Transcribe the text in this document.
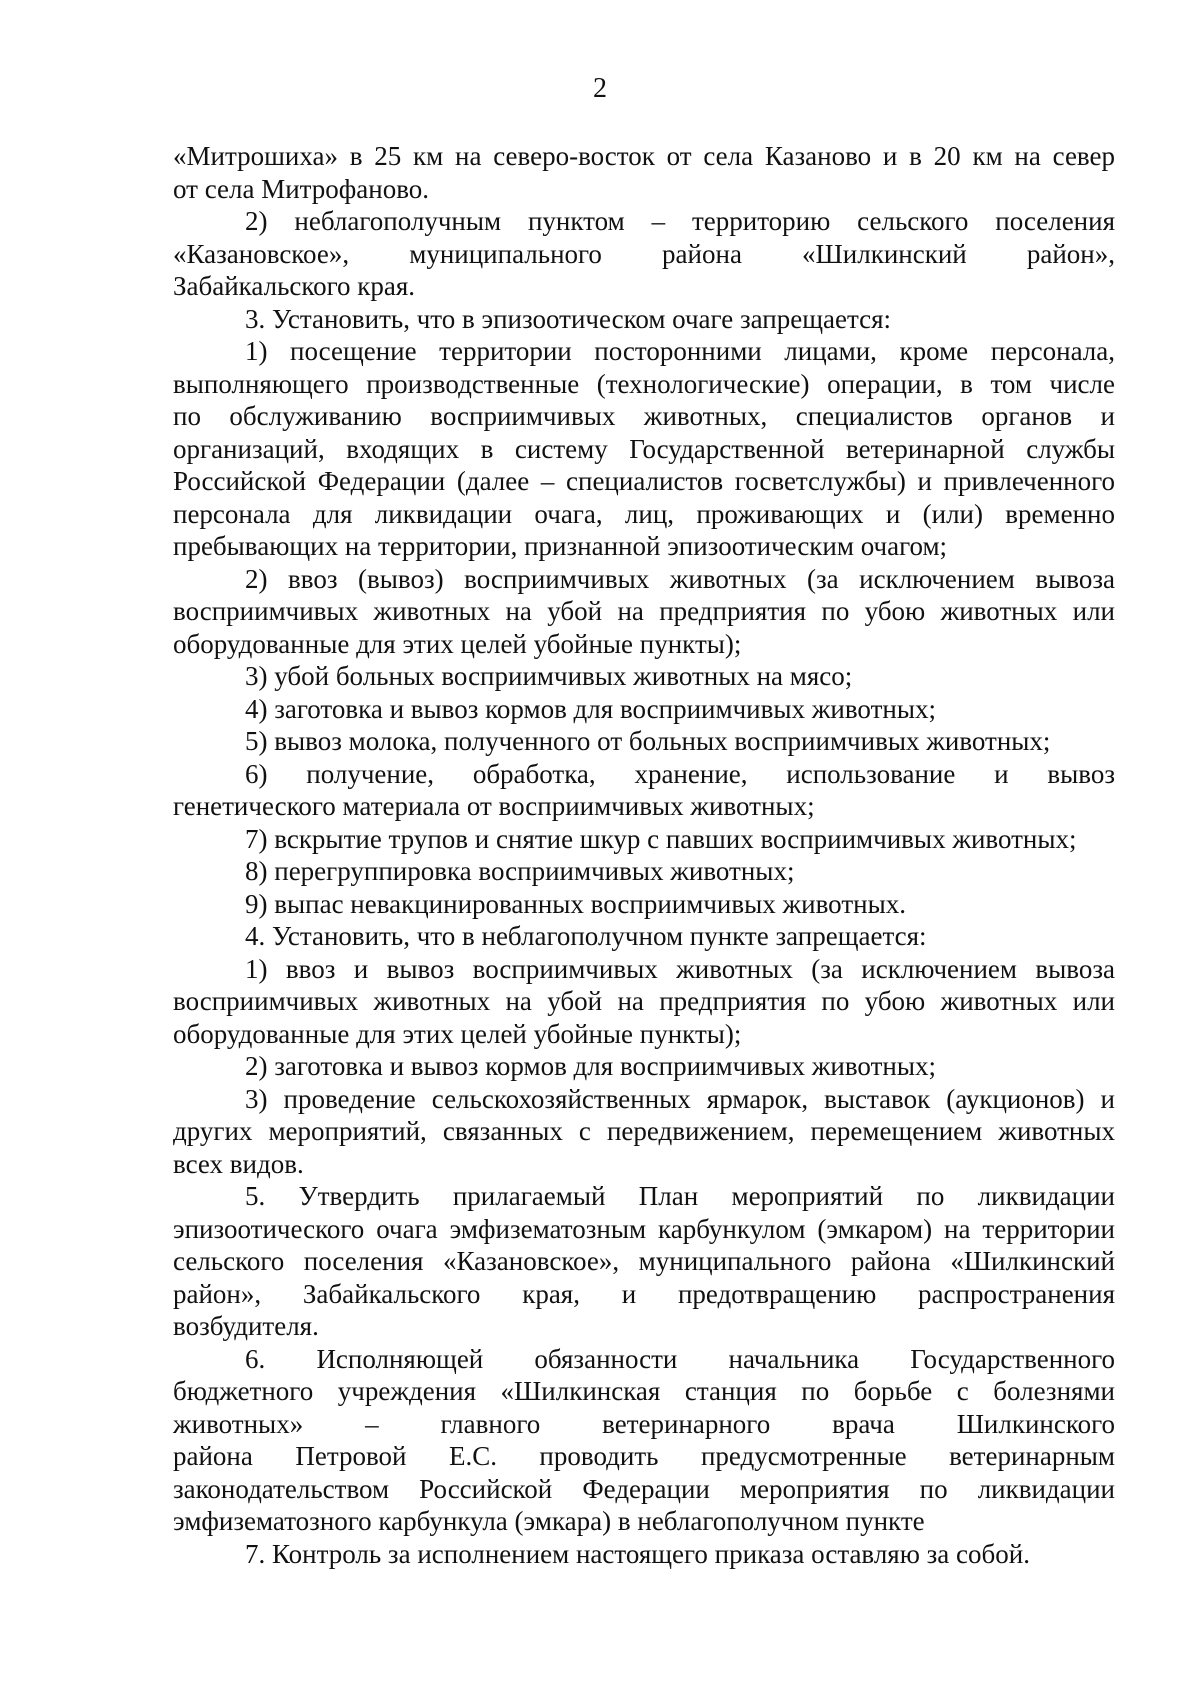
2
«Митрошиха» в 25 км на северо-восток от села Казаново и в 20 км на север
от села Митрофаново.
2) неблагополучным пунктом – территорию сельского поселения
«Казановское», муниципального района «Шилкинский район»,
Забайкальского края.
3. Установить, что в эпизоотическом очаге запрещается:
1) посещение территории посторонними лицами, кроме персонала,
выполняющего производственные (технологические) операции, в том числе
по обслуживанию восприимчивых животных, специалистов органов и
организаций, входящих в систему Государственной ветеринарной службы
Российской Федерации (далее – специалистов госветслужбы) и привлеченного
персонала для ликвидации очага, лиц, проживающих и (или) временно
пребывающих на территории, признанной эпизоотическим очагом;
2) ввоз (вывоз) восприимчивых животных (за исключением вывоза
восприимчивых животных на убой на предприятия по убою животных или
оборудованные для этих целей убойные пункты);
3) убой больных восприимчивых животных на мясо;
4) заготовка и вывоз кормов для восприимчивых животных;
5) вывоз молока, полученного от больных восприимчивых животных;
6) получение, обработка, хранение, использование и вывоз
генетического материала от восприимчивых животных;
7) вскрытие трупов и снятие шкур с павших восприимчивых животных;
8) перегруппировка восприимчивых животных;
9) выпас невакцинированных восприимчивых животных.
4. Установить, что в неблагополучном пункте запрещается:
1) ввоз и вывоз восприимчивых животных (за исключением вывоза
восприимчивых животных на убой на предприятия по убою животных или
оборудованные для этих целей убойные пункты);
2) заготовка и вывоз кормов для восприимчивых животных;
3) проведение сельскохозяйственных ярмарок, выставок (аукционов) и
других мероприятий, связанных с передвижением, перемещением животных
всех видов.
5. Утвердить прилагаемый План мероприятий по ликвидации
эпизоотического очага эмфизематозным карбункулом (эмкаром) на территории
сельского поселения «Казановское», муниципального района «Шилкинский
район», Забайкальского края, и предотвращению распространения
возбудителя.
6. Исполняющей обязанности начальника Государственного
бюджетного учреждения «Шилкинская станция по борьбе с болезнями
животных» – главного ветеринарного врача Шилкинского
района Петровой Е.С. проводить предусмотренные ветеринарным
законодательством Российской Федерации мероприятия по ликвидации
эмфизематозного карбункула (эмкара) в неблагополучном пункте
7. Контроль за исполнением настоящего приказа оставляю за собой.
